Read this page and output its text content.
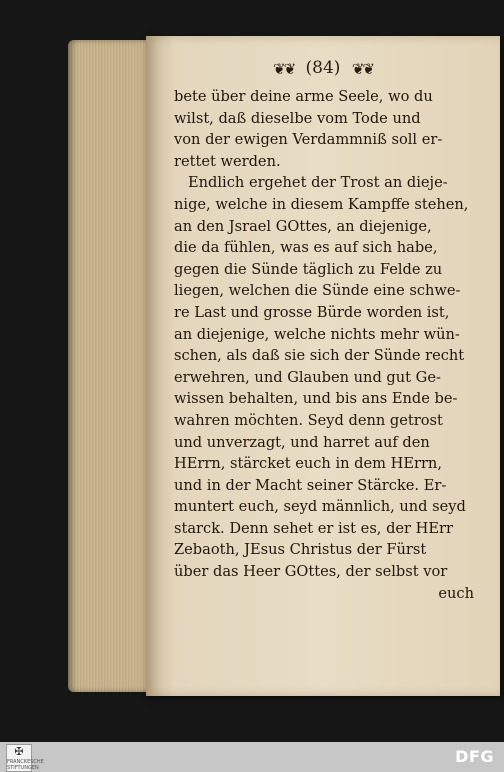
❦❦ (84) ❦❦
bete über deine arme Seele, wo du
wilst, daß dieselbe vom Tode und
von der ewigen Verdammniß soll er-
rettet werden.
Endlich ergehet der Trost an dieje-
nige, welche in diesem Kampffe stehen,
an den Jsrael GOttes, an diejenige,
die da fühlen, was es auf sich habe,
gegen die Sünde täglich zu Felde zu
liegen, welchen die Sünde eine schwe-
re Last und grosse Bürde worden ist,
an diejenige, welche nichts mehr wün-
schen, als daß sie sich der Sünde recht
erwehren, und Glauben und gut Ge-
wissen behalten, und bis ans Ende be-
wahren möchten. Seyd denn getrost
und unverzagt, und harret auf den
HErrn, stärcket euch in dem HErrn,
und in der Macht seiner Stärcke. Er-
muntert euch, seyd männlich, und seyd
starck. Denn sehet er ist es, der HErr
Zebaoth, JEsus Christus der Fürst
über das Heer GOttes, der selbst vor
euch
✠
FRANCKESCHE STIFTUNGEN
DFG
